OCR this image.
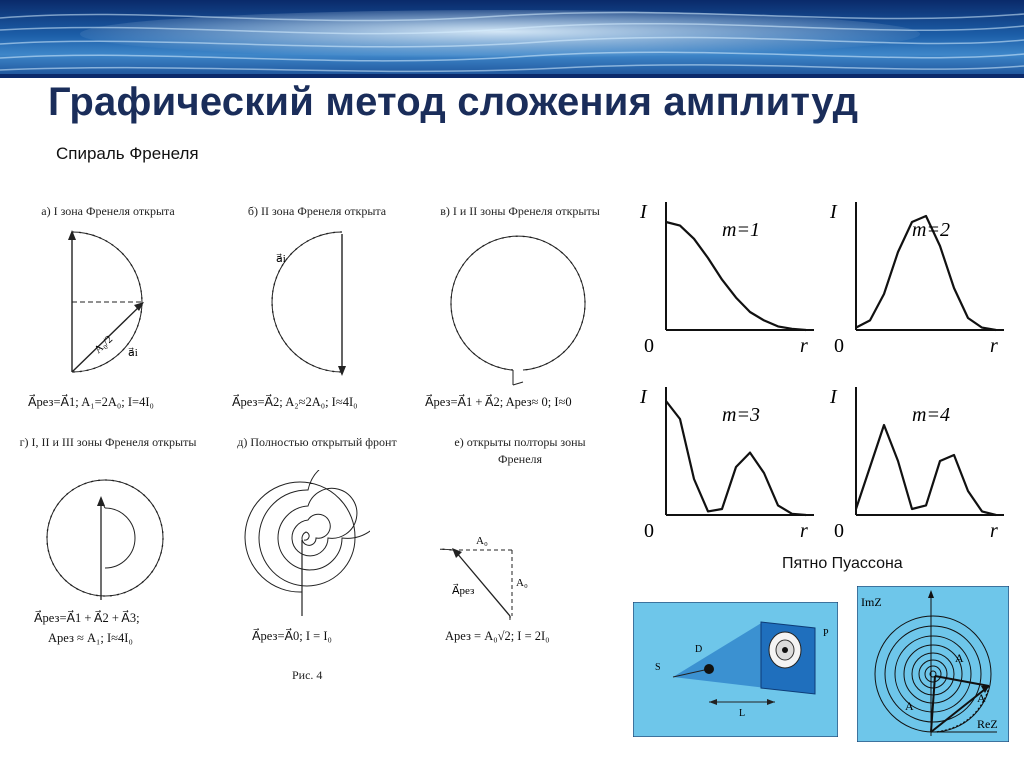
Графический метод сложения амплитуд
Спираль Френеля
а) I зона Френеля открыта	б) II зона Френеля открыта	в) I и II зоны Френеля открыты
г) I, II и III зоны Френеля открыты	д) Полностью открытый фронт	е) открыты полторы зоны Френеля
A₀/2 a⃗i
a⃗i
A₀
A₀
A⃗рез
A⃗рез=A⃗1; A₁=2A₀; I=4I₀	A⃗рез=A⃗2; A₂≈2A₀; I≈4I₀	A⃗рез=A⃗1 + A⃗2; Aрез≈ 0; I≈0
A⃗рез=A⃗1 + A⃗2 + A⃗3;
Aрез ≈ A₁; I≈4I₀	A⃗рез=A⃗0; I = I₀	Aрез = A₀√2; I = 2I₀
Рис. 4
I
r
0
m=1
I
r
0
m=2
I
r
0
m=3
I
r
0
m=4
Пятно Пуассона
S
D
P
L
ImZ
ReZ
A
A
A
